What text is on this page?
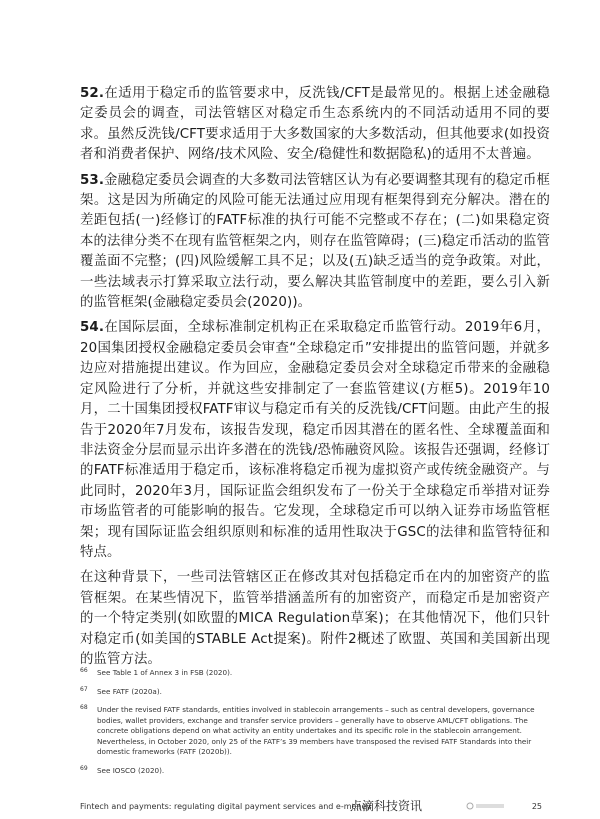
52.在适用于稳定币的监管要求中，反洗钱/CFT是最常见的。根据上述金融稳定委员会的调查，司法管辖区对稳定币生态系统内的不同活动适用不同的要求。虽然反洗钱/CFT要求适用于大多数国家的大多数活动，但其他要求(如投资者和消费者保护、网络/技术风险、安全/稳健性和数据隐私)的适用不太普遍。

53.金融稳定委员会调查的大多数司法管辖区认为有必要调整其现有的稳定币框架。这是因为所确定的风险可能无法通过应用现有框架得到充分解决。潜在的差距包括(一)经修订的FATF标准的执行可能不完整或不存在；(二)如果稳定资本的法律分类不在现有监管框架之内，则存在监管障碍；(三)稳定币活动的监管覆盖面不完整；(四)风险缓解工具不足；以及(五)缺乏适当的竞争政策。对此，一些法域表示打算采取立法行动，要么解决其监管制度中的差距，要么引入新的监管框架(金融稳定委员会(2020))。

54.在国际层面，全球标准制定机构正在采取稳定币监管行动。2019年6月，20国集团授权金融稳定委员会审查“全球稳定币”安排提出的监管问题，并就多边应对措施提出建议。作为回应，金融稳定委员会对全球稳定币带来的金融稳定风险进行了分析，并就这些安排制定了一套监管建议(方框5)。2019年10月，二十国集团授权FATF审议与稳定币有关的反洗钱/CFT问题。由此产生的报告于2020年7月发布，该报告发现，稳定币因其潜在的匿名性、全球覆盖面和非法资金分层而显示出许多潜在的洗钱/恐怖融资风险。该报告还强调，经修订的FATF标准适用于稳定币，该标准将稳定币视为虚拟资产或传统金融资产。与此同时，2020年3月，国际证监会组织发布了一份关于全球稳定币举措对证券市场监管者的可能影响的报告。它发现，全球稳定币可以纳入证券市场监管框架；现有国际证监会组织原则和标准的适用性取决于GSC的法律和监管特征和特点。

在这种背景下，一些司法管辖区正在修改其对包括稳定币在内的加密资产的监管框架。在某些情况下，监管举措涵盖所有的加密资产，而稳定币是加密资产的一个特定类别(如欧盟的MICA Regulation草案)；在其他情况下，他们只针对稳定币(如美国的STABLE Act提案)。附件2概述了欧盟、英国和美国新出现的监管方法。

66	See Table 1 of Annex 3 in FSB (2020).
67	See FATF (2020a).
68	Under the revised FATF standards, entities involved in stablecoin arrangements – such as central developers, governance bodies, wallet providers, exchange and transfer service providers – generally have to observe AML/CFT obligations. The concrete obligations depend on what activity an entity undertakes and its specific role in the stablecoin arrangement. Nevertheless, in October 2020, only 25 of the FATF’s 39 members have transposed the revised FATF Standards into their domestic frameworks (FATF (2020b)).
69	See IOSCO (2020).
Fintech and payments: regulating digital payment services and e-money
点滴科技资讯	25
